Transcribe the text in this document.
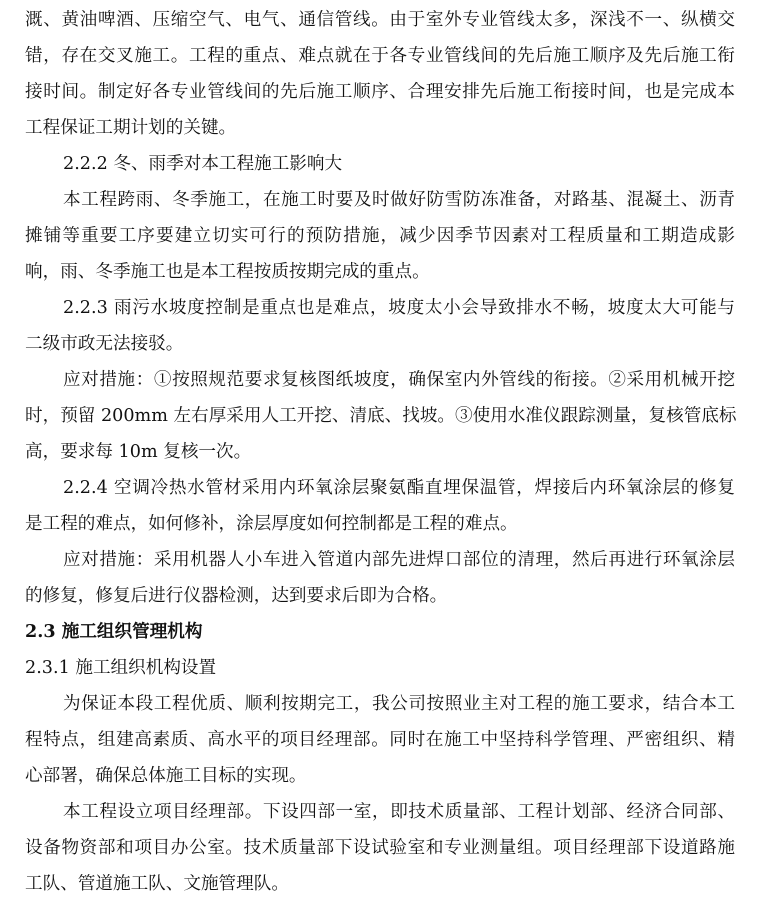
溉、黄油啤酒、压缩空气、电气、通信管线。由于室外专业管线太多，深浅不一、纵横交
错，存在交叉施工。工程的重点、难点就在于各专业管线间的先后施工顺序及先后施工衔
接时间。制定好各专业管线间的先后施工顺序、合理安排先后施工衔接时间，也是完成本
工程保证工期计划的关键。
2.2.2 冬、雨季对本工程施工影响大
本工程跨雨、冬季施工，在施工时要及时做好防雪防冻准备，对路基、混凝土、沥青
摊铺等重要工序要建立切实可行的预防措施，减少因季节因素对工程质量和工期造成影
响，雨、冬季施工也是本工程按质按期完成的重点。
2.2.3 雨污水坡度控制是重点也是难点，坡度太小会导致排水不畅，坡度太大可能与
二级市政无法接驳。
应对措施：①按照规范要求复核图纸坡度，确保室内外管线的衔接。②采用机械开挖
时，预留 200mm 左右厚采用人工开挖、清底、找坡。③使用水准仪跟踪测量，复核管底标
高，要求每 10m 复核一次。
2.2.4 空调冷热水管材采用内环氧涂层聚氨酯直埋保温管，焊接后内环氧涂层的修复
是工程的难点，如何修补，涂层厚度如何控制都是工程的难点。
应对措施：采用机器人小车进入管道内部先进焊口部位的清理，然后再进行环氧涂层
的修复，修复后进行仪器检测，达到要求后即为合格。
2.3 施工组织管理机构
2.3.1 施工组织机构设置
为保证本段工程优质、顺利按期完工，我公司按照业主对工程的施工要求，结合本工
程特点，组建高素质、高水平的项目经理部。同时在施工中坚持科学管理、严密组织、精
心部署，确保总体施工目标的实现。
本工程设立项目经理部。下设四部一室，即技术质量部、工程计划部、经济合同部、
设备物资部和项目办公室。技术质量部下设试验室和专业测量组。项目经理部下设道路施
工队、管道施工队、文施管理队。
